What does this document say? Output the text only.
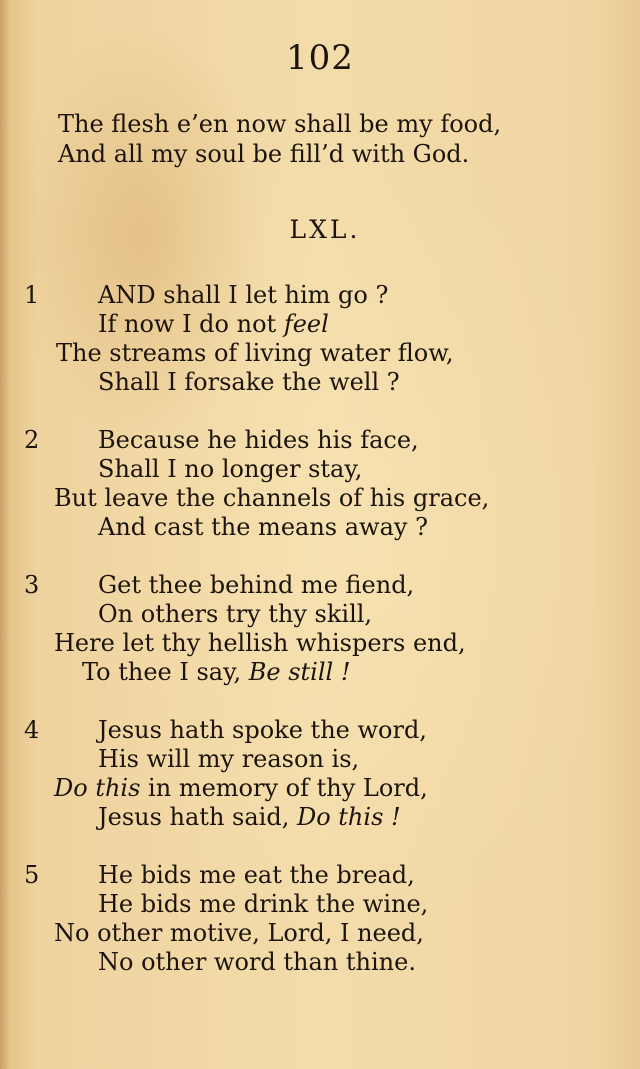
102
The flesh e’en now shall be my food,
And all my soul be fill’d with God.
LXL.
1 AND shall I let him go ?
If now I do not feel
The streams of living water flow,
Shall I forsake the well ?
2 Because he hides his face,
Shall I no longer stay,
But leave the channels of his grace,
And cast the means away ?
3 Get thee behind me fiend,
On others try thy skill,
Here let thy hellish whispers end,
To thee I say, Be still !
4 Jesus hath spoke the word,
His will my reason is,
Do this in memory of thy Lord,
Jesus hath said, Do this !
5 He bids me eat the bread,
He bids me drink the wine,
No other motive, Lord, I need,
No other word than thine.
